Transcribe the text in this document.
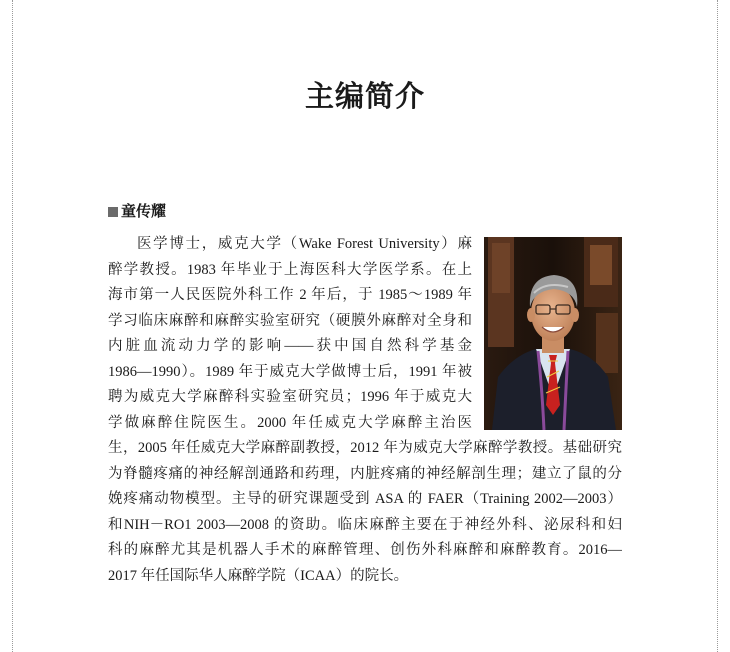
主编简介
童传耀
医学博士，威克大学（Wake Forest University）麻
醉学教授。1983 年毕业于上海医科大学医学系。在上
海市第一人民医院外科工作 2 年后，于 1985～1989 年
学习临床麻醉和麻醉实验室研究（硬膜外麻醉对全身和
内脏血流动力学的影响——获中国自然科学基金
1986—1990）。1989 年于威克大学做博士后，1991 年被
聘为威克大学麻醉科实验室研究员；1996 年于威克大
学做麻醉住院医生。2000 年任威克大学麻醉主治医
生，2005 年任威克大学麻醉副教授，2012 年为威克大学麻醉学教授。基础研究
为脊髓疼痛的神经解剖通路和药理，内脏疼痛的神经解剖生理；建立了鼠的分
娩疼痛动物模型。主导的研究课题受到 ASA 的 FAER（Training 2002—2003）
和NIH－RO1 2003—2008 的资助。临床麻醉主要在于神经外科、泌尿科和妇
科的麻醉尤其是机器人手术的麻醉管理、创伤外科麻醉和麻醉教育。2016—
2017 年任国际华人麻醉学院（ICAA）的院长。
